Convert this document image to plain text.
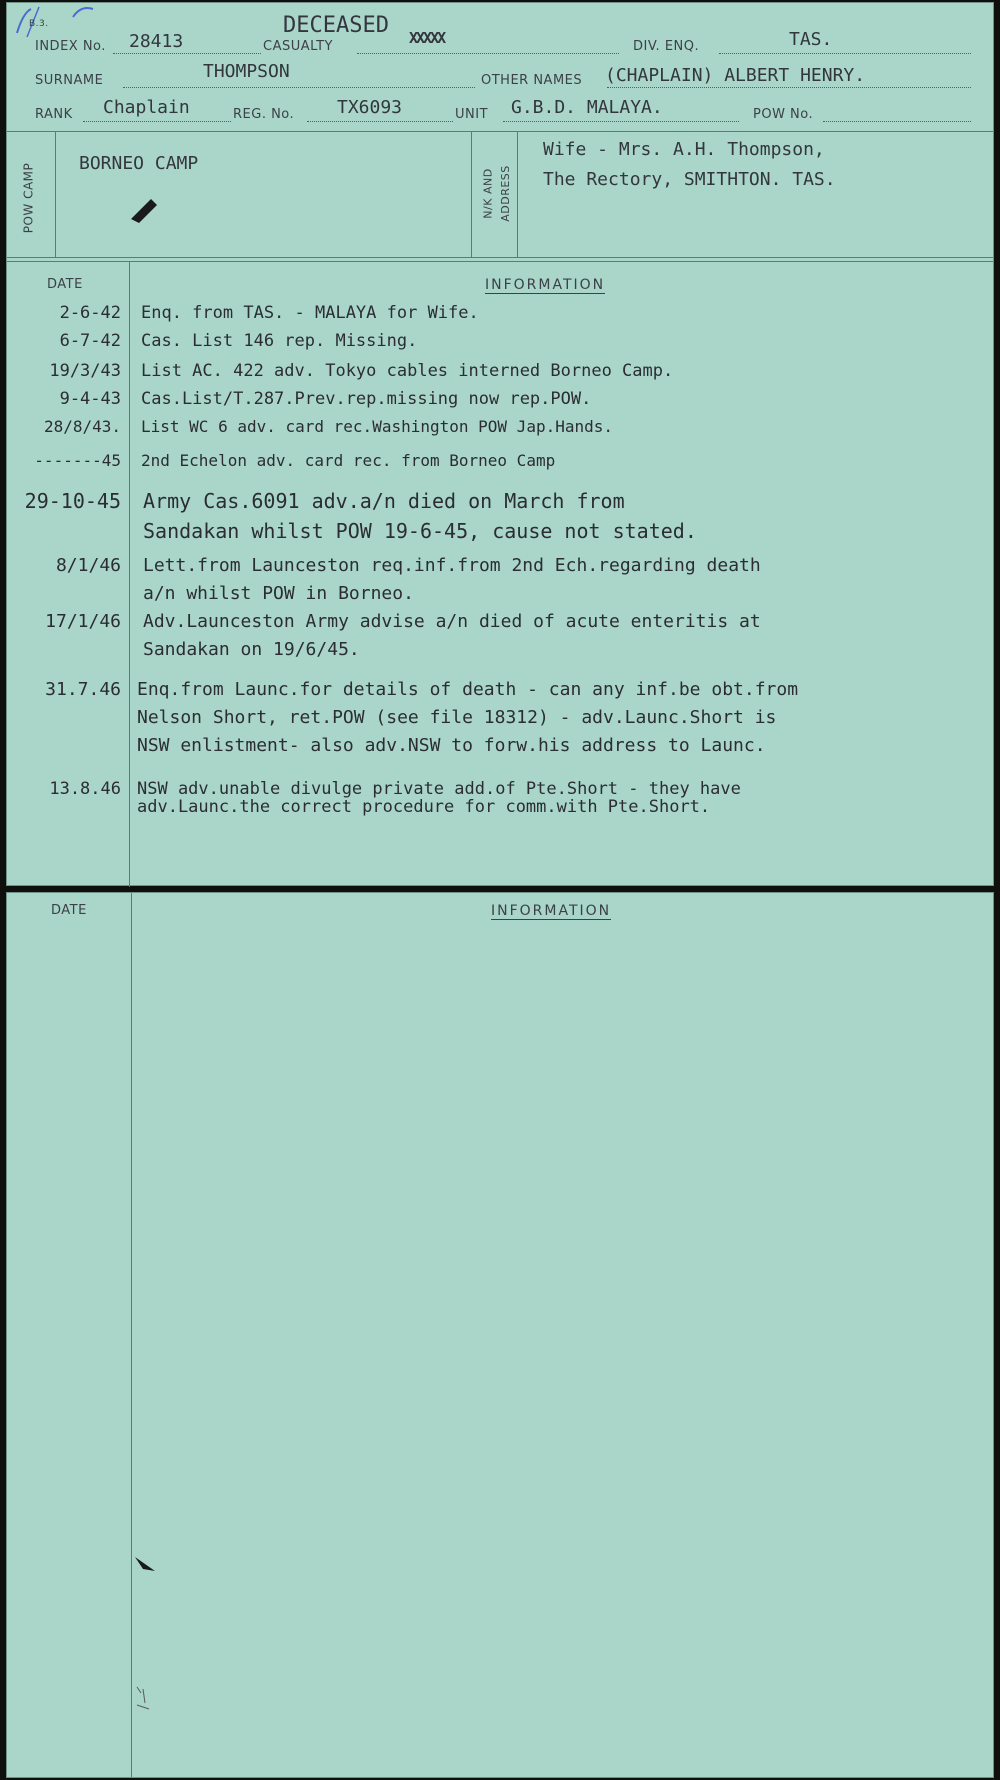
B.3.
INDEX No. 28413	CASUALTY
DECEASED XXXXX	DIV. ENQ.	TAS.
SURNAME	THOMPSON	OTHER NAMES (CHAPLAIN) ALBERT HENRY.
RANK Chaplain	REG. No. TX6093	UNIT G.B.D. MALAYA.	POW No.
POW CAMP BORNEO CAMP
N/K AND ADDRESS
Wife - Mrs. A.H. Thompson,
The Rectory, SMITHTON. TAS.
DATE	INFORMATION
2-6-42 Enq. from TAS. - MALAYA for Wife.
6-7-42 Cas. List 146 rep. Missing.
19/3/43 List AC. 422 adv. Tokyo cables interned Borneo Camp.
9-4-43 Cas.List/T.287.Prev.rep.missing now rep.POW.
28/8/43. List WC 6 adv. card rec.Washington POW Jap.Hands.
-------45 2nd Echelon adv. card rec. from Borneo Camp
29-10-45 Army Cas.6091 adv.a/n died on March from
Sandakan whilst POW 19-6-45, cause not stated.
8/1/46 Lett.from Launceston req.inf.from 2nd Ech.regarding death
a/n whilst POW in Borneo.
17/1/46 Adv.Launceston Army advise a/n died of acute enteritis at
Sandakan on 19/6/45.
31.7.46 Enq.from Launc.for details of death - can any inf.be obt.from
Nelson Short, ret.POW (see file 18312) - adv.Launc.Short is
NSW enlistment- also adv.NSW to forw.his address to Launc.
13.8.46 NSW adv.unable divulge private add.of Pte.Short - they have
adv.Launc.the correct procedure for comm.with Pte.Short.
DATE	INFORMATION
